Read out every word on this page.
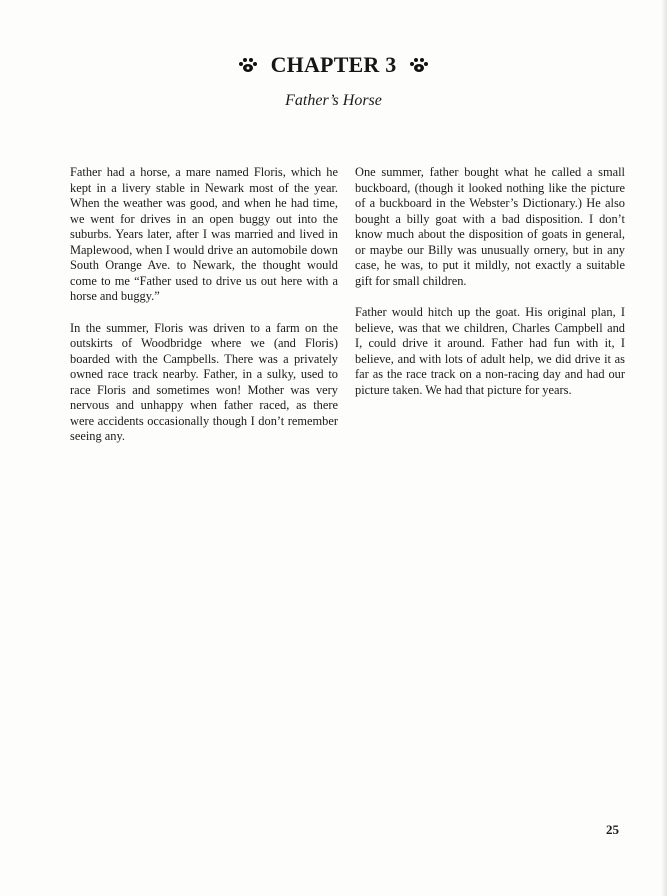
CHAPTER 3
Father’s Horse

Father had a horse, a mare named Floris, which he kept in a livery stable in Newark most of the year. When the weather was good, and when he had time, we went for drives in an open buggy out into the suburbs. Years later, after I was married and lived in Maplewood, when I would drive an automobile down South Orange Ave. to Newark, the thought would come to me “Father used to drive us out here with a horse and buggy.”

In the summer, Floris was driven to a farm on the outskirts of Woodbridge where we (and Floris) boarded with the Campbells. There was a privately owned race track nearby. Father, in a sulky, used to race Floris and sometimes won! Mother was very nervous and unhappy when father raced, as there were accidents occasionally though I don’t remember seeing any.

One summer, father bought what he called a small buckboard, (though it looked nothing like the picture of a buckboard in the Webster’s Dictionary.) He also bought a billy goat with a bad disposition. I don’t know much about the disposition of goats in general, or maybe our Billy was unusually ornery, but in any case, he was, to put it mildly, not exactly a suitable gift for small children.

Father would hitch up the goat. His original plan, I believe, was that we children, Charles Campbell and I, could drive it around. Father had fun with it, I believe, and with lots of adult help, we did drive it as far as the race track on a non-racing day and had our picture taken. We had that picture for years.

25
